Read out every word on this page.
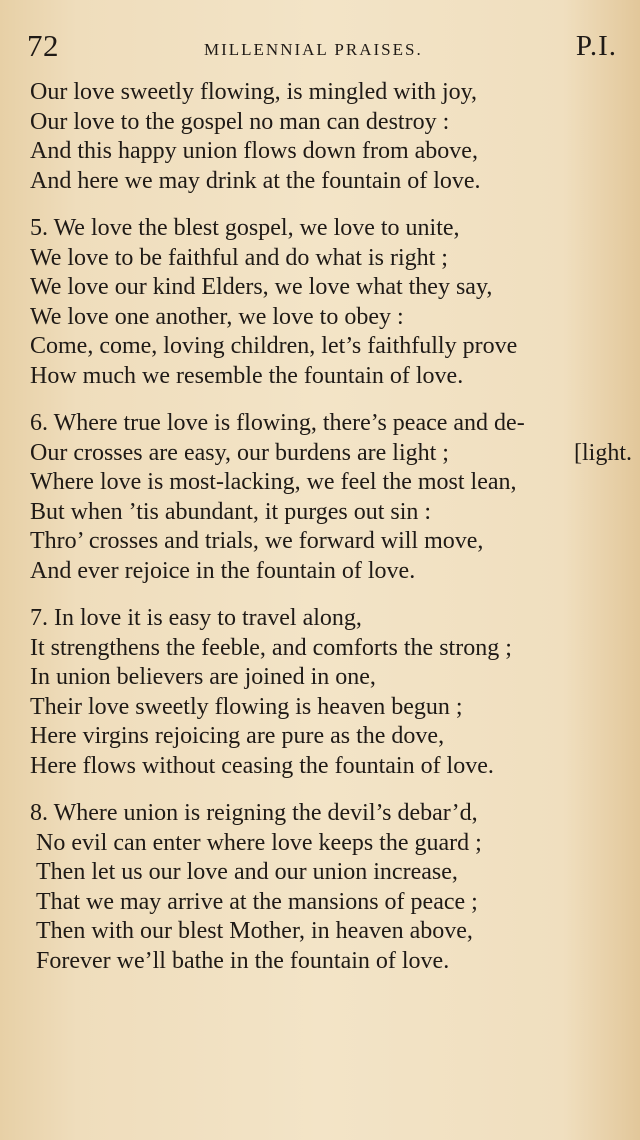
72	MILLENNIAL PRAISES.	P.I.
Our love sweetly flowing, is mingled with joy,
Our love to the gospel no man can destroy :
And this happy union flows down from above,
And here we may drink at the fountain of love.
5. We love the blest gospel, we love to unite,
We love to be faithful and do what is right ;
We love our kind Elders, we love what they say,
We love one another, we love to obey :
Come, come, loving children, let’s faithfully prove
How much we resemble the fountain of love.
6. Where true love is flowing, there’s peace and de-
Our crosses are easy, our burdens are light ;
Where love is most-lacking, we feel the most lean,
But when ’tis abundant, it purges out sin :
Thro’ crosses and trials, we forward will move,
And ever rejoice in the fountain of love.
7. In love it is easy to travel along,
It strengthens the feeble, and comforts the strong ;
In union believers are joined in one,
Their love sweetly flowing is heaven begun ;
Here virgins rejoicing are pure as the dove,
Here flows without ceasing the fountain of love.
8. Where union is reigning the devil’s debar’d,
No evil can enter where love keeps the guard ;
Then let us our love and our union increase,
That we may arrive at the mansions of peace ;
Then with our blest Mother, in heaven above,
Forever we’ll bathe in the fountain of love.
[light.
